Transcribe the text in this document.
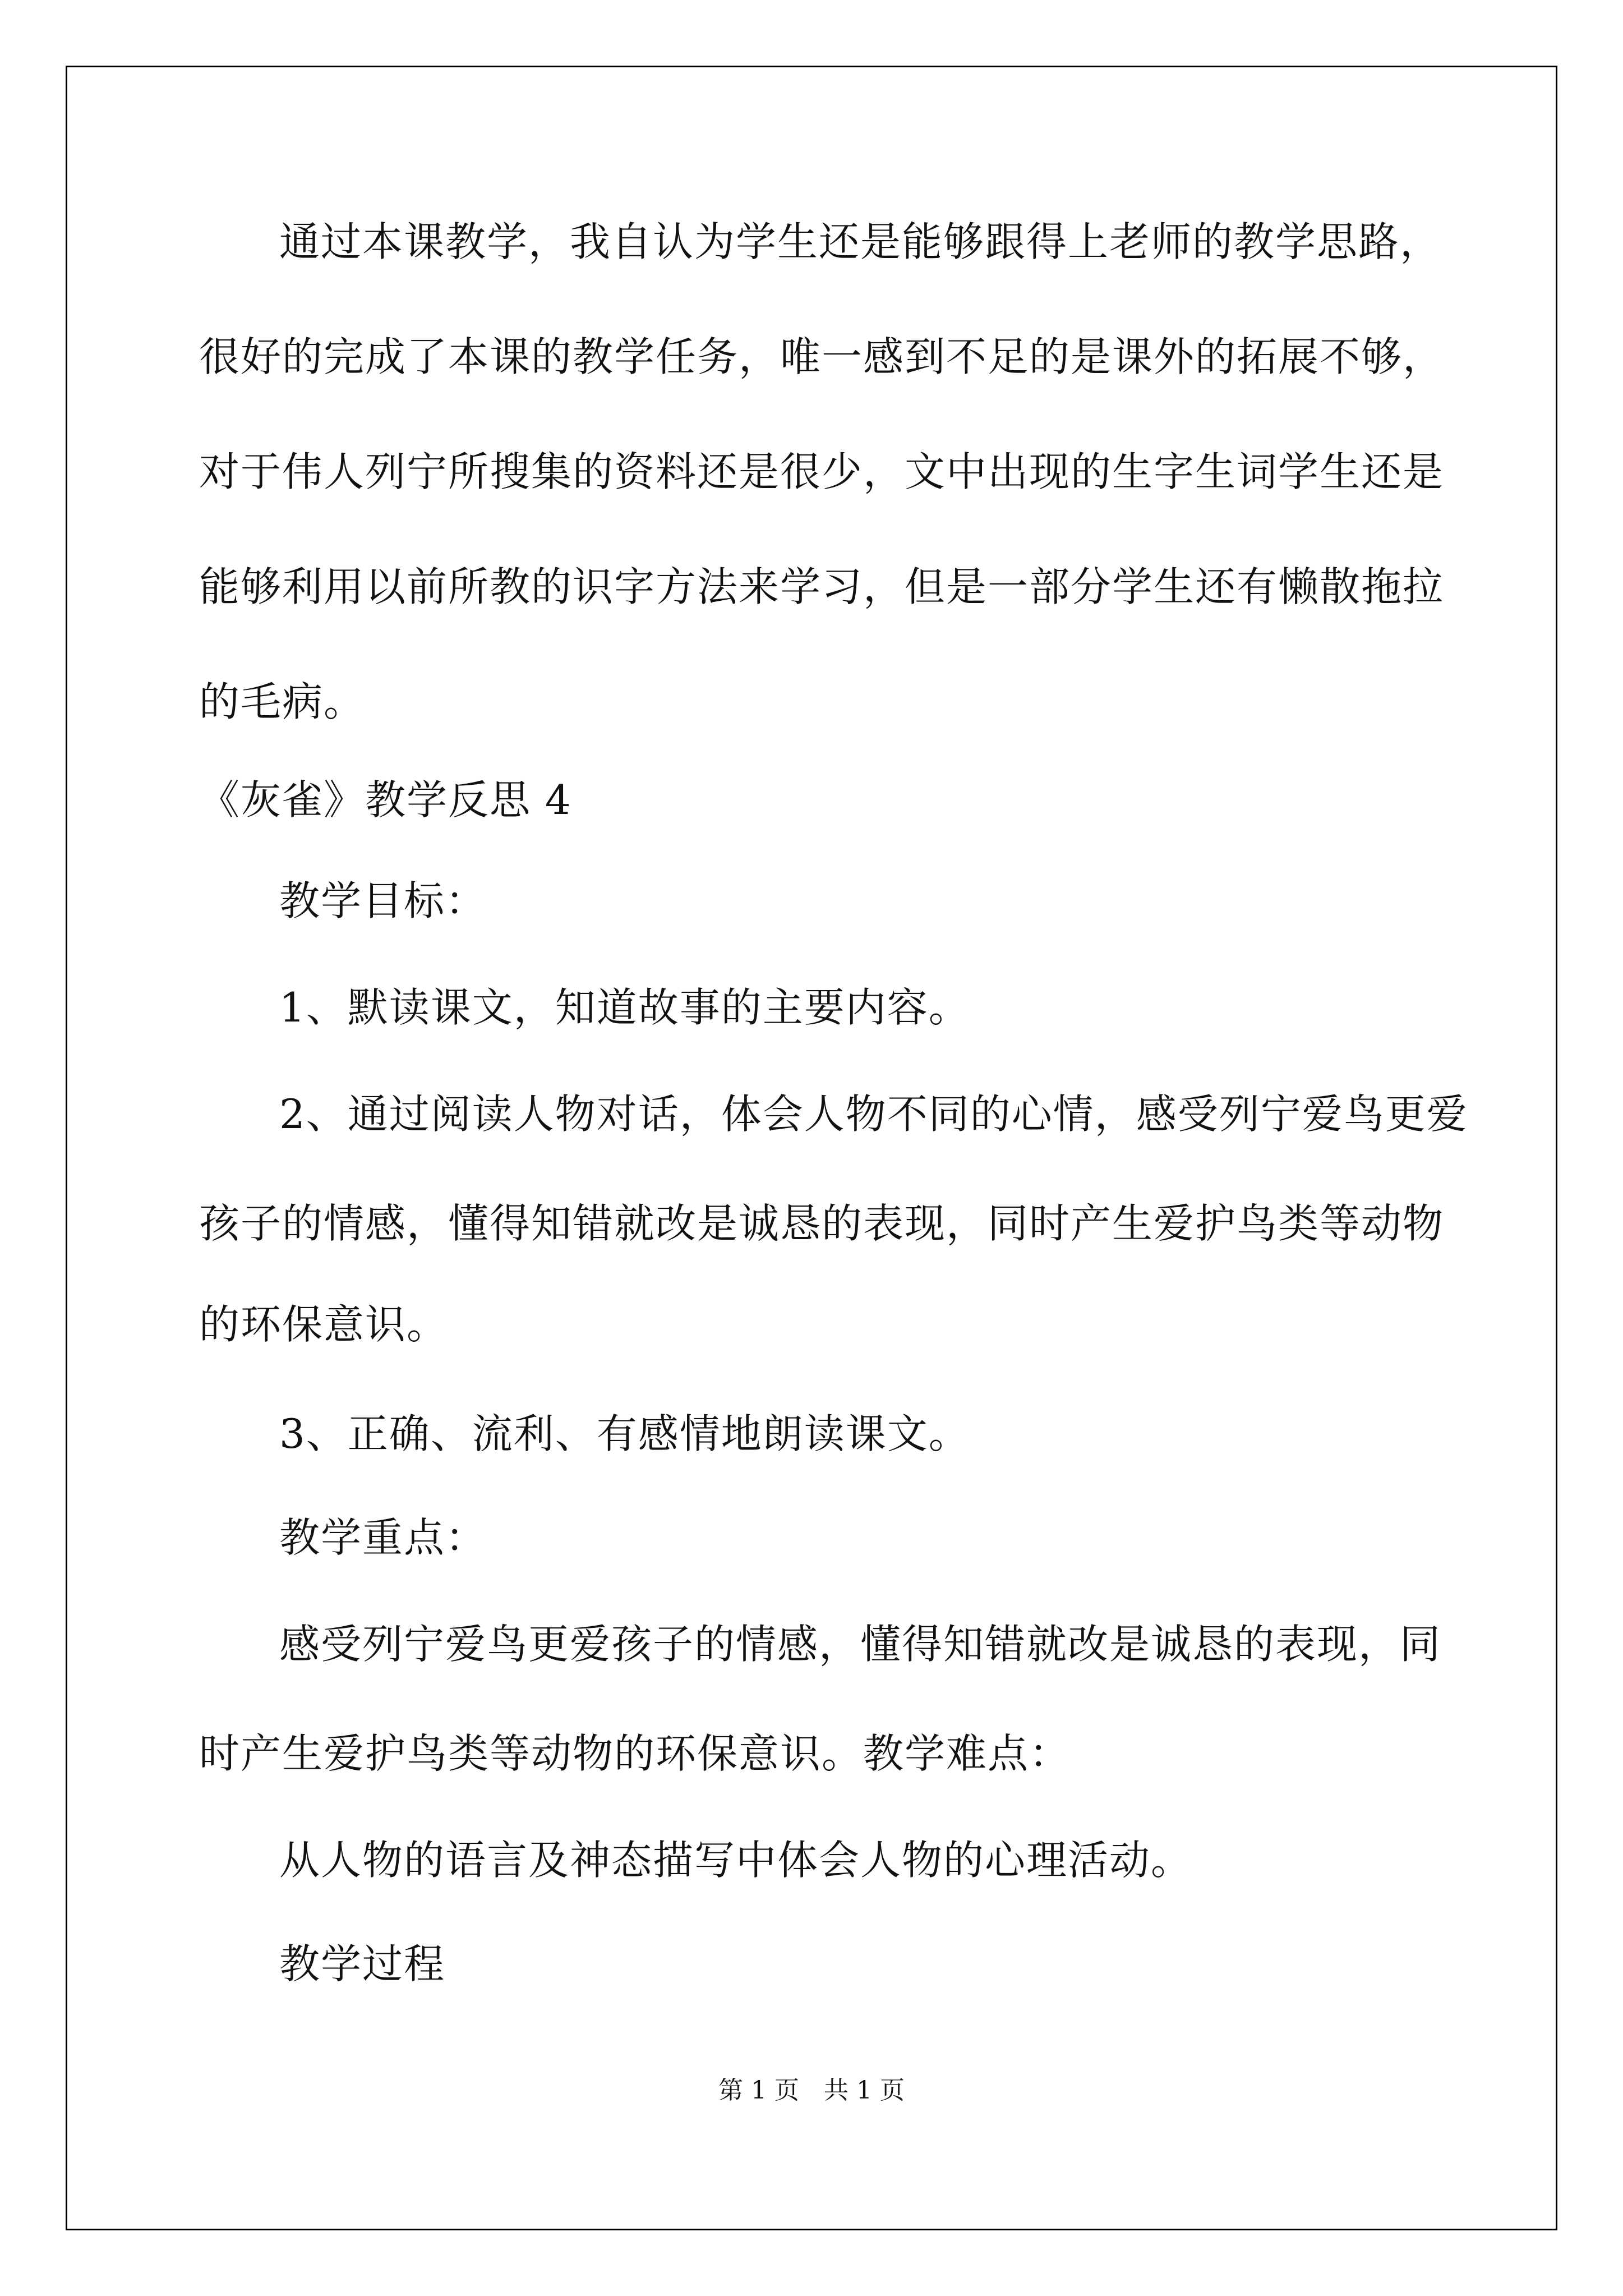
通过本课教学，我自认为学生还是能够跟得上老师的教学思路，

很好的完成了本课的教学任务，唯一感到不足的是课外的拓展不够，

对于伟人列宁所搜集的资料还是很少，文中出现的生字生词学生还是

能够利用以前所教的识字方法来学习，但是一部分学生还有懒散拖拉

的毛病。

《灰雀》教学反思 4

教学目标：

1、默读课文，知道故事的主要内容。

2、通过阅读人物对话，体会人物不同的心情，感受列宁爱鸟更爱

孩子的情感，懂得知错就改是诚恳的表现，同时产生爱护鸟类等动物

的环保意识。

3、正确、流利、有感情地朗读课文。

教学重点：

感受列宁爱鸟更爱孩子的情感，懂得知错就改是诚恳的表现，同

时产生爱护鸟类等动物的环保意识。教学难点：

从人物的语言及神态描写中体会人物的心理活动。

教学过程

第 1 页　共 1 页
